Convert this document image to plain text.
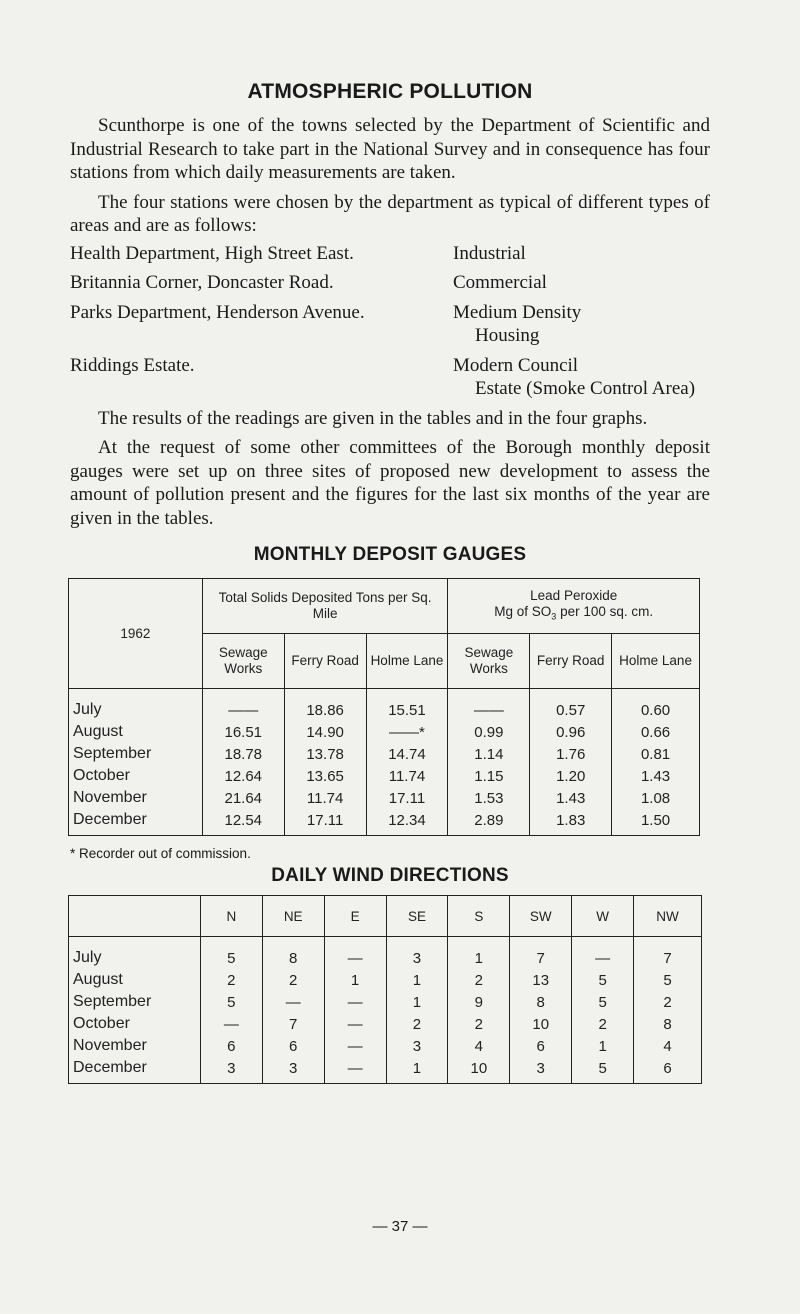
ATMOSPHERIC POLLUTION

Scunthorpe is one of the towns selected by the Department of Scientific and Industrial Research to take part in the National Survey and in consequence has four stations from which daily measurements are taken.

The four stations were chosen by the department as typical of different types of areas and are as follows:

Health Department, High Street East.	Industrial
Britannia Corner, Doncaster Road.	Commercial
Parks Department, Henderson Avenue.	Medium Density
Housing
Riddings Estate.	Modern Council
Estate (Smoke Control Area)

The results of the readings are given in the tables and in the four graphs.

At the request of some other committees of the Borough monthly deposit gauges were set up on three sites of proposed new development to assess the amount of pollution present and the figures for the last six months of the year are given in the tables.

MONTHLY DEPOSIT GAUGES
1962	Total Solids Deposited Tons per Sq. Mile			Lead Peroxide
Mg of $SO_3$ per 100 sq. cm.		
	Sewage Works	Ferry Road	Holme Lane	Sewage Works	Ferry Road	Holme Lane
July	——	18.86	15.51	——	0.57	0.60
August	16.51	14.90	——*	0.99	0.96	0.66
September	18.78	13.78	14.74	1.14	1.76	0.81
October	12.64	13.65	11.74	1.15	1.20	1.43
November	21.64	11.74	17.11	1.53	1.43	1.08
December	12.54	17.11	12.34	2.89	1.83	1.50
* Recorder out of commission.
DAILY WIND DIRECTIONS
	N	NE	E	SE	S	SW	W	NW
July	5	8	—	3	1	7	—	7
August	2	2	1	1	2	13	5	5
September	5	—	—	1	9	8	5	2
October	—	7	—	2	2	10	2	8
November	6	6	—	3	4	6	1	4
December	3	3	—	1	10	3	5	6
— 37 —
